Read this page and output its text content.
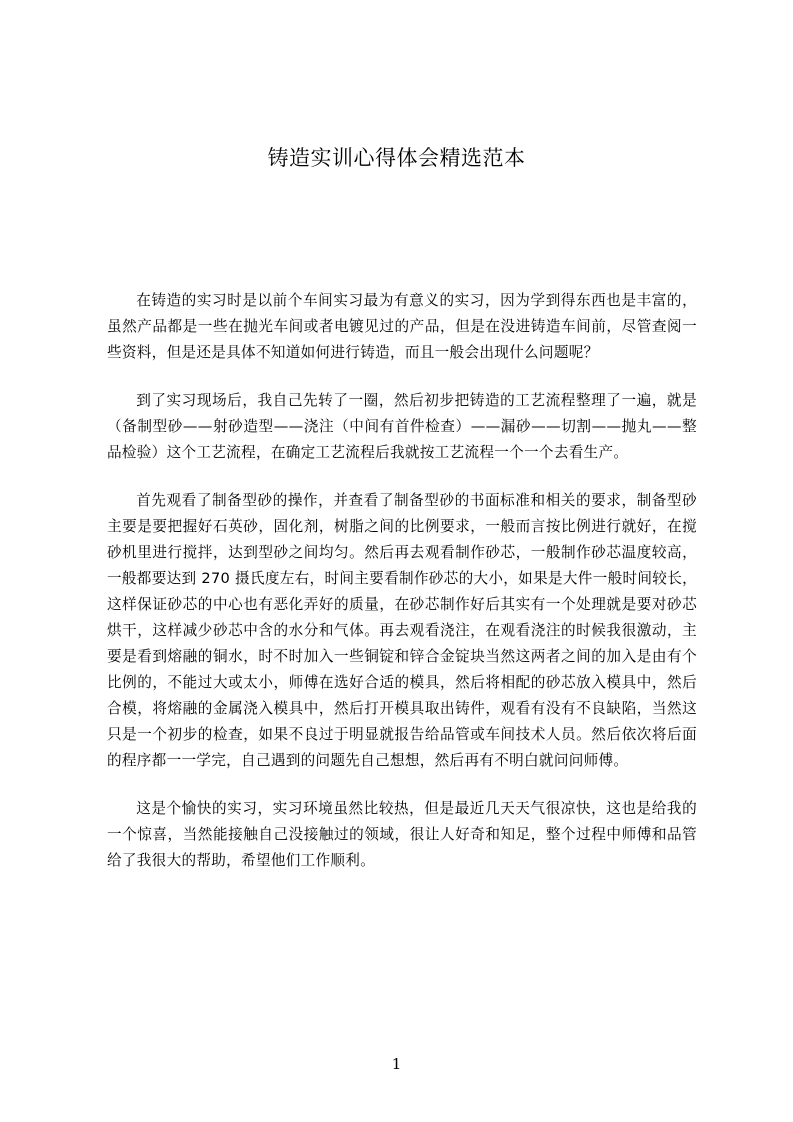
铸造实训心得体会精选范本

在铸造的实习时是以前个车间实习最为有意义的实习，因为学到得东西也是丰富的，虽然产品都是一些在抛光车间或者电镀见过的产品，但是在没进铸造车间前，尽管查阅一些资料，但是还是具体不知道如何进行铸造，而且一般会出现什么问题呢？

到了实习现场后，我自己先转了一圈，然后初步把铸造的工艺流程整理了一遍，就是（备制型砂——射砂造型——浇注（中间有首件检查）——漏砂——切割——抛丸——整品检验）这个工艺流程，在确定工艺流程后我就按工艺流程一个一个去看生产。

首先观看了制备型砂的操作，并查看了制备型砂的书面标准和相关的要求，制备型砂主要是要把握好石英砂，固化剂，树脂之间的比例要求，一般而言按比例进行就好，在搅砂机里进行搅拌，达到型砂之间均匀。然后再去观看制作砂芯，一般制作砂芯温度较高，一般都要达到 270 摄氏度左右，时间主要看制作砂芯的大小，如果是大件一般时间较长，这样保证砂芯的中心也有恶化弄好的质量，在砂芯制作好后其实有一个处理就是要对砂芯烘干，这样减少砂芯中含的水分和气体。再去观看浇注，在观看浇注的时候我很激动，主要是看到熔融的铜水，时不时加入一些铜锭和锌合金锭块当然这两者之间的加入是由有个比例的，不能过大或太小，师傅在选好合适的模具，然后将相配的砂芯放入模具中，然后合模，将熔融的金属浇入模具中，然后打开模具取出铸件，观看有没有不良缺陷，当然这只是一个初步的检查，如果不良过于明显就报告给品管或车间技术人员。然后依次将后面的程序都一一学完，自己遇到的问题先自己想想，然后再有不明白就问问师傅。

这是个愉快的实习，实习环境虽然比较热，但是最近几天天气很凉快，这也是给我的一个惊喜，当然能接触自己没接触过的领域，很让人好奇和知足，整个过程中师傅和品管给了我很大的帮助，希望他们工作顺利。

1
